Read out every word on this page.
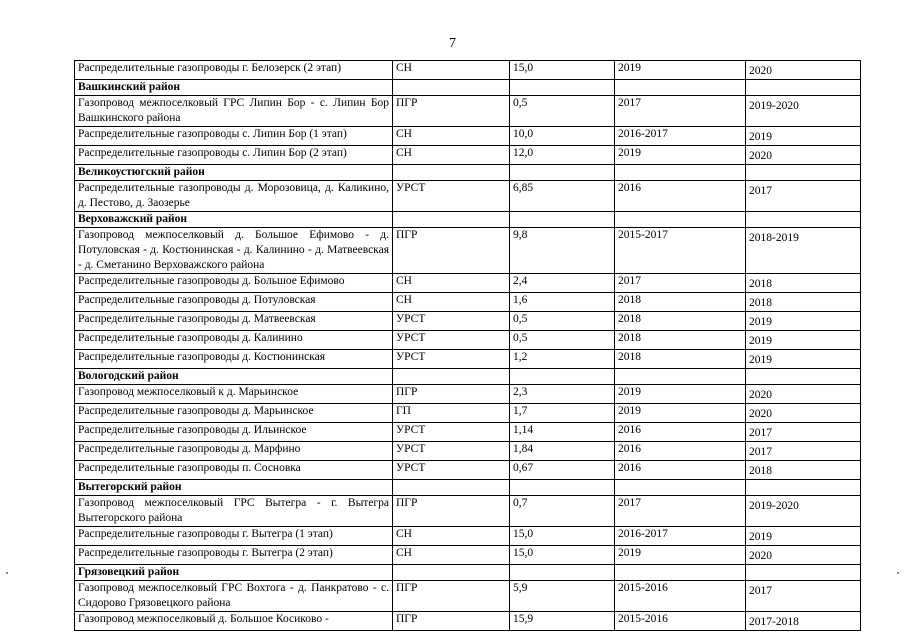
7
Распределительные газопроводы г. Белозерск (2 этап)	СН	15,0	2019	2020
Вашкинский район				
Газопровод межпоселковый ГРС Липин Бор - с. Липин Бор Вашкинского района	ПГР	0,5	2017	2019-2020
Распределительные газопроводы с. Липин Бор (1 этап)	СН	10,0	2016-2017	2019
Распределительные газопроводы с. Липин Бор (2 этап)	СН	12,0	2019	2020
Великоустюгский район				
Распределительные газопроводы д. Морозовица, д. Каликино, д. Пестово, д. Заозерье	УРСТ	6,85	2016	2017
Верховажский район				
Газопровод межпоселковый д. Большое Ефимово - д. Потуловская - д. Костюнинская - д. Калинино - д. Матвеевская - д. Сметанино Верховажского района	ПГР	9,8	2015-2017	2018-2019
Распределительные газопроводы д. Большое Ефимово	СН	2,4	2017	2018
Распределительные газопроводы д. Потуловская	СН	1,6	2018	2018
Распределительные газопроводы д. Матвеевская	УРСТ	0,5	2018	2019
Распределительные газопроводы д. Калинино	УРСТ	0,5	2018	2019
Распределительные газопроводы д. Костюнинская	УРСТ	1,2	2018	2019
Вологодский район				
Газопровод межпоселковый к д. Марьинское	ПГР	2,3	2019	2020
Распределительные газопроводы д. Марьинское	ГП	1,7	2019	2020
Распределительные газопроводы д. Ильинское	УРСТ	1,14	2016	2017
Распределительные газопроводы д. Марфино	УРСТ	1,84	2016	2017
Распределительные газопроводы п. Сосновка	УРСТ	0,67	2016	2018
Вытегорский район				
Газопровод межпоселковый ГРС Вытегра - г. Вытегра Вытегорского района	ПГР	0,7	2017	2019-2020
Распределительные газопроводы г. Вытегра (1 этап)	СН	15,0	2016-2017	2019
Распределительные газопроводы г. Вытегра (2 этап)	СН	15,0	2019	2020
Грязовецкий район				
Газопровод межпоселковый ГРС Вохтога - д. Панкратово - с. Сидорово Грязовецкого района	ПГР	5,9	2015-2016	2017
Газопровод межпоселковый д. Большое Косиково -	ПГР	15,9	2015-2016	2017-2018
